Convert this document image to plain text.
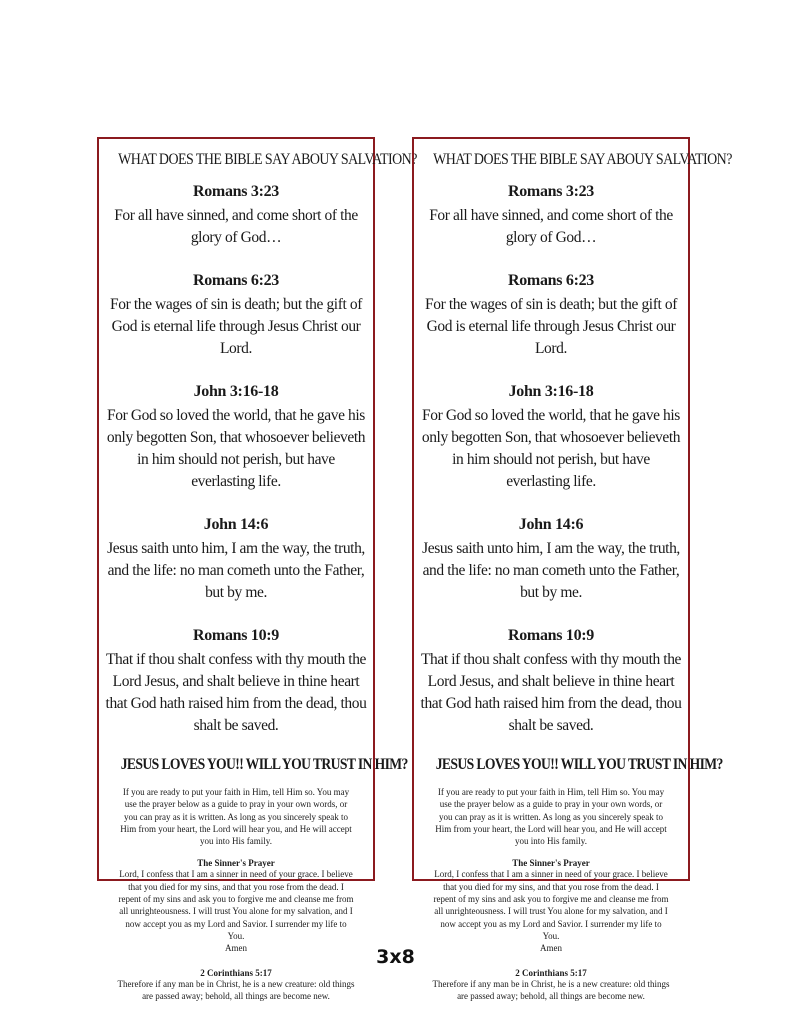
WHAT DOES THE BIBLE SAY ABOUY SALVATION?
Romans 3:23
For all have sinned, and come short of the glory of God…
Romans 6:23
For the wages of sin is death; but the gift of God is eternal life through Jesus Christ our Lord.
John 3:16-18
For God so loved the world, that he gave his only begotten Son, that whosoever believeth in him should not perish, but have everlasting life.
John 14:6
Jesus saith unto him, I am the way, the truth, and the life: no man cometh unto the Father, but by me.
Romans 10:9
That if thou shalt confess with thy mouth the Lord Jesus, and shalt believe in thine heart that God hath raised him from the dead, thou shalt be saved.
JESUS LOVES YOU!! WILL YOU TRUST IN HIM?
If you are ready to put your faith in Him, tell Him so. You may use the prayer below as a guide to pray in your own words, or you can pray as it is written. As long as you sincerely speak to Him from your heart, the Lord will hear you, and He will accept you into His family.
The Sinner's Prayer
Lord, I confess that I am a sinner in need of your grace. I believe that you died for my sins, and that you rose from the dead. I repent of my sins and ask you to forgive me and cleanse me from all unrighteousness. I will trust You alone for my salvation, and I now accept you as my Lord and Savior. I surrender my life to You.
Amen
2 Corinthians 5:17
Therefore if any man be in Christ, he is a new creature: old things are passed away; behold, all things are become new.
WHAT DOES THE BIBLE SAY ABOUY SALVATION?
Romans 3:23
For all have sinned, and come short of the glory of God…
Romans 6:23
For the wages of sin is death; but the gift of God is eternal life through Jesus Christ our Lord.
John 3:16-18
For God so loved the world, that he gave his only begotten Son, that whosoever believeth in him should not perish, but have everlasting life.
John 14:6
Jesus saith unto him, I am the way, the truth, and the life: no man cometh unto the Father, but by me.
Romans 10:9
That if thou shalt confess with thy mouth the Lord Jesus, and shalt believe in thine heart that God hath raised him from the dead, thou shalt be saved.
JESUS LOVES YOU!! WILL YOU TRUST IN HIM?
If you are ready to put your faith in Him, tell Him so. You may use the prayer below as a guide to pray in your own words, or you can pray as it is written. As long as you sincerely speak to Him from your heart, the Lord will hear you, and He will accept you into His family.
The Sinner's Prayer
Lord, I confess that I am a sinner in need of your grace. I believe that you died for my sins, and that you rose from the dead. I repent of my sins and ask you to forgive me and cleanse me from all unrighteousness. I will trust You alone for my salvation, and I now accept you as my Lord and Savior. I surrender my life to You.
Amen
2 Corinthians 5:17
Therefore if any man be in Christ, he is a new creature: old things are passed away; behold, all things are become new.
3x8
